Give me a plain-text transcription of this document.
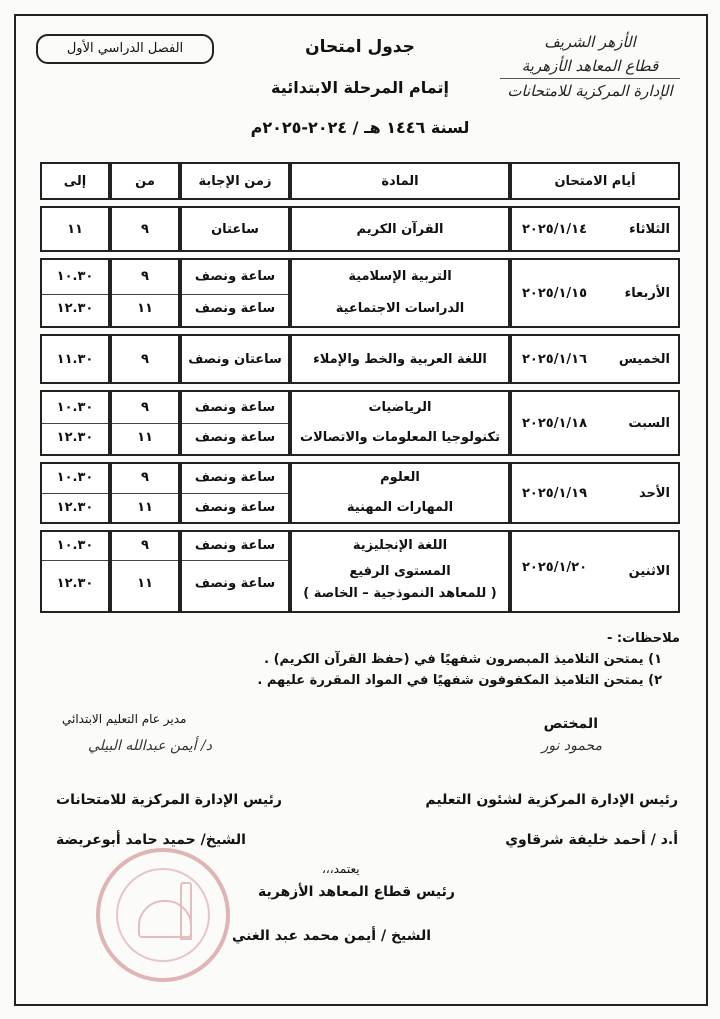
الفصل الدراسي الأول	الأزهر الشريف
قطاع المعاهد الأزهرية
الإدارة المركزية للامتحانات
جدول امتحان
إتمام المرحلة الابتدائية
لسنة ١٤٤٦ هـ / ٢٠٢٤-٢٠٢٥م
أيام الامتحان
المادة
زمن الإجابة
من
إلى
الثلاثاء
٢٠٢٥/١/١٤
القرآن الكريم
ساعتان
٩
١١
الأربعاء
٢٠٢٥/١/١٥
التربية الإسلامية
الدراسات الاجتماعية
ساعة ونصف
ساعة ونصف
٩
١١
١٠.٣٠
١٢.٣٠
الخميس
٢٠٢٥/١/١٦
اللغة العربية والخط والإملاء
ساعتان ونصف
٩
١١.٣٠
السبت
٢٠٢٥/١/١٨
الرياضيات
تكنولوجيا المعلومات والاتصالات
ساعة ونصف
ساعة ونصف
٩
١١
١٠.٣٠
١٢.٣٠
الأحد
٢٠٢٥/١/١٩
العلوم
المهارات المهنية
ساعة ونصف
ساعة ونصف
٩
١١
١٠.٣٠
١٢.٣٠
الاثنين
٢٠٢٥/١/٢٠
اللغة الإنجليزية
المستوى الرفيع
( للمعاهد النموذجية – الخاصة )
ساعة ونصف
ساعة ونصف
٩
١١
١٠.٣٠
١٢.٣٠
ملاحظات: -
١) يمتحن التلاميذ المبصرون شفهيًا في (حفظ القرآن الكريم) .
٢) يمتحن التلاميذ المكفوفون شفهيًا في المواد المقررة عليهم .
المختص
محمود نور
مدير عام التعليم الابتدائي
د/ أيمن عبدالله البيلي
رئيس الإدارة المركزية للامتحانات
الشيخ/ حميد حامد أبوعريضة
رئيس الإدارة المركزية لشئون التعليم
أ.د / أحمد خليفة شرقاوي
يعتمد،،،
رئيس قطاع المعاهد الأزهرية
الشيخ / أيمن محمد عبد الغني
